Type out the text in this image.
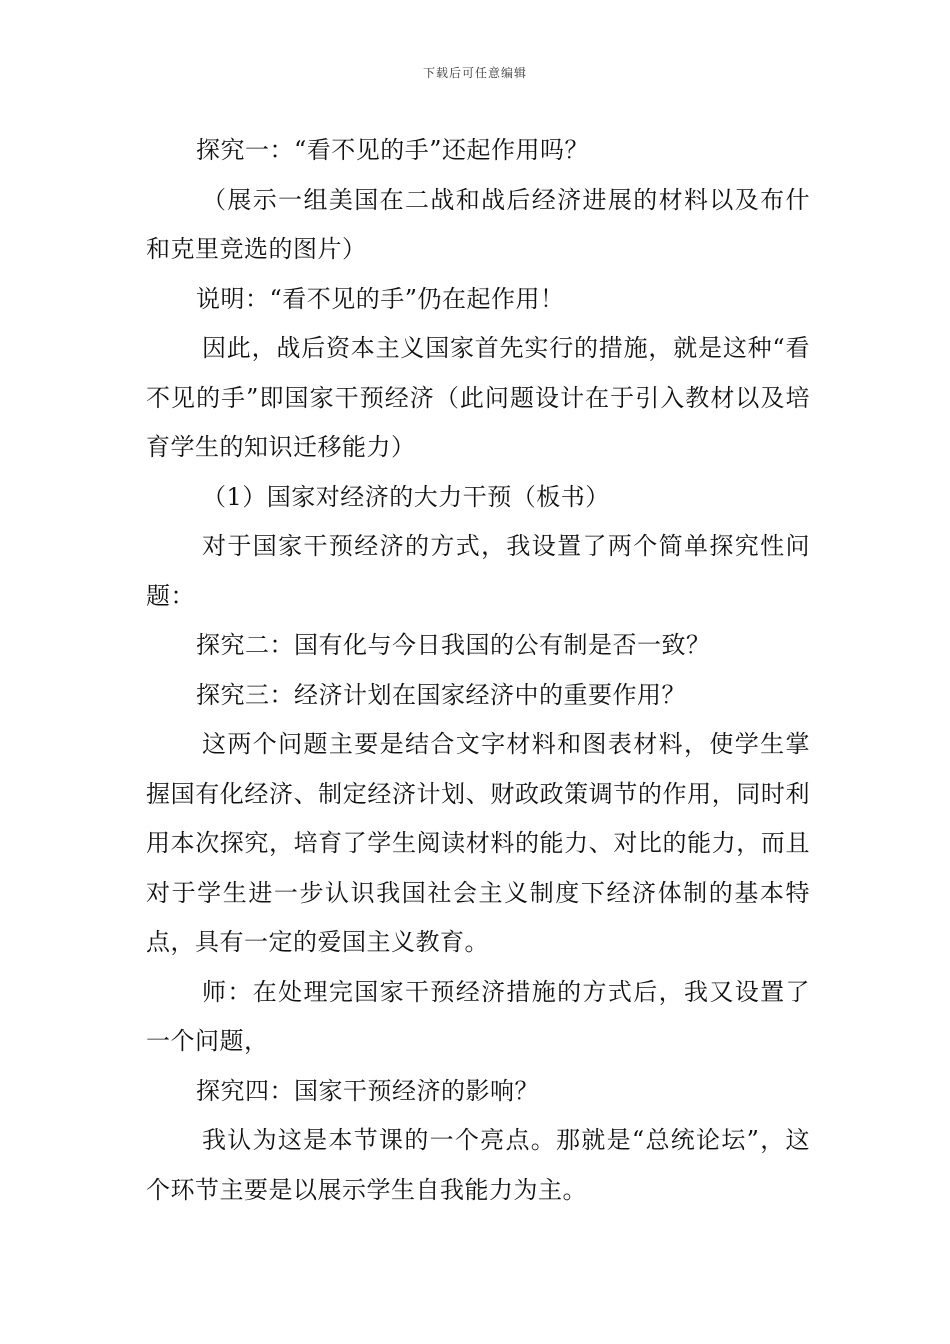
下载后可任意编辑

探究一：“看不见的手”还起作用吗？

（展示一组美国在二战和战后经济进展的材料以及布什和克里竞选的图片）

说明：“看不见的手”仍在起作用！

因此，战后资本主义国家首先实行的措施，就是这种“看不见的手”即国家干预经济（此问题设计在于引入教材以及培育学生的知识迁移能力）

（1）国家对经济的大力干预（板书）

对于国家干预经济的方式，我设置了两个简单探究性问题：

探究二：国有化与今日我国的公有制是否一致？

探究三：经济计划在国家经济中的重要作用？

这两个问题主要是结合文字材料和图表材料，使学生掌握国有化经济、制定经济计划、财政政策调节的作用，同时利用本次探究，培育了学生阅读材料的能力、对比的能力，而且对于学生进一步认识我国社会主义制度下经济体制的基本特点，具有一定的爱国主义教育。

师：在处理完国家干预经济措施的方式后，我又设置了一个问题，

探究四：国家干预经济的影响？

我认为这是本节课的一个亮点。那就是“总统论坛”，这个环节主要是以展示学生自我能力为主。
